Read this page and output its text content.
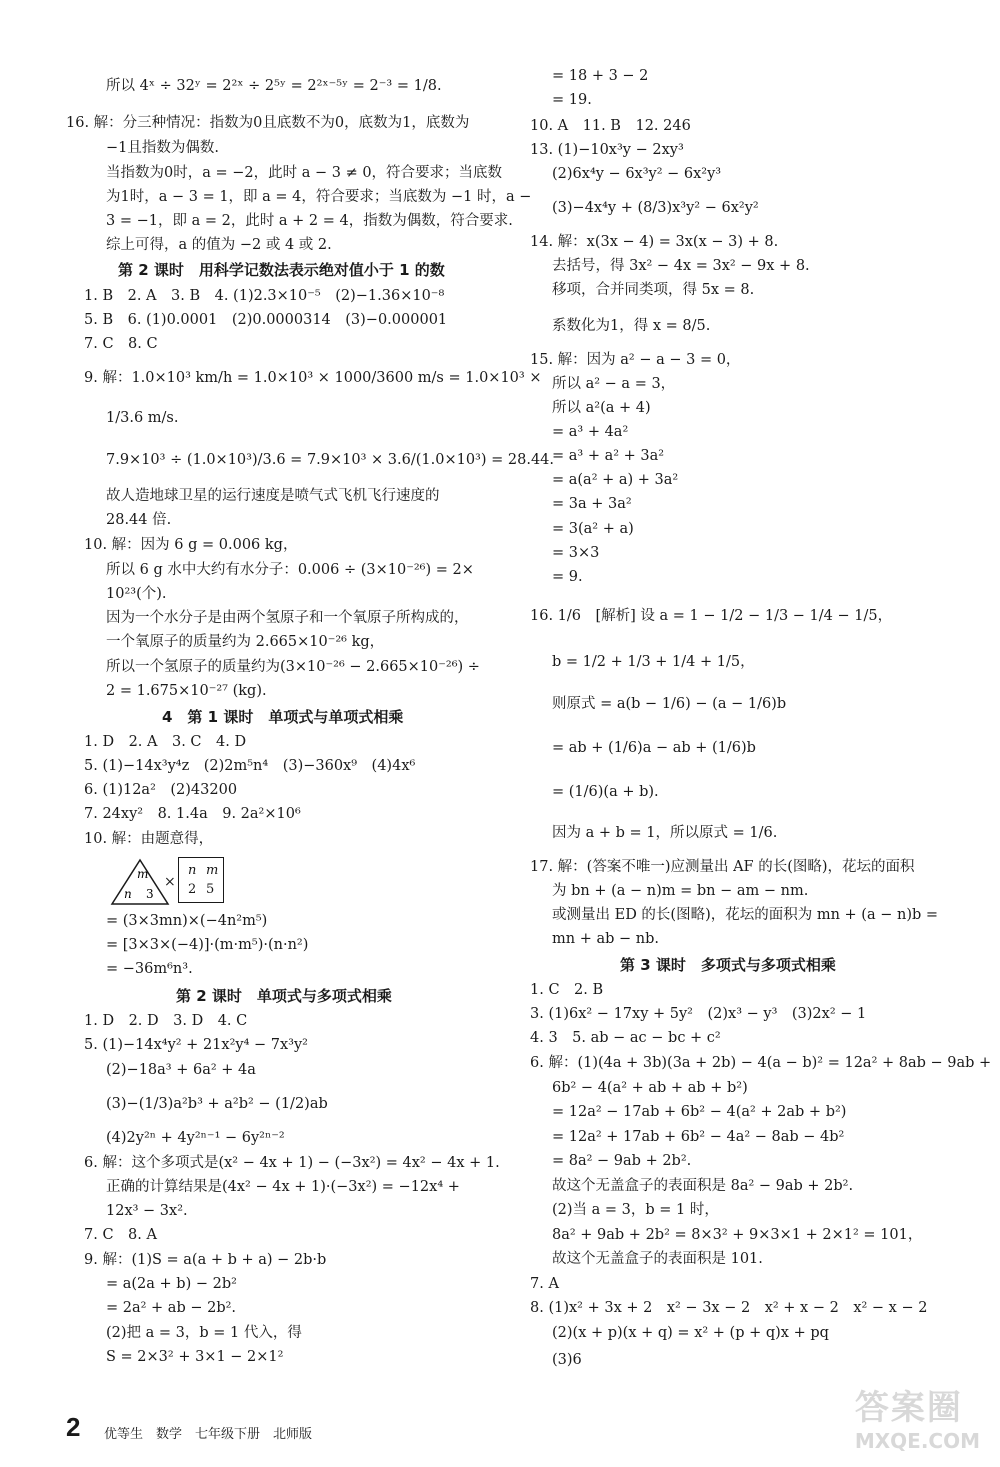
m
n 3
×
n m
2 5
2 优等生　数学　七年级下册　北师版
答案圈
MXQE.COM
所以 4ˣ ÷ 32ʸ = 2²ˣ ÷ 2⁵ʸ = 2²ˣ⁻⁵ʸ = 2⁻³ = 1/8.
16. 解：分三种情况：指数为0且底数不为0，底数为1，底数为
−1且指数为偶数.
当指数为0时，a = −2，此时 a − 3 ≠ 0，符合要求；当底数
为1时，a − 3 = 1，即 a = 4，符合要求；当底数为 −1 时，a −
3 = −1，即 a = 2，此时 a + 2 = 4，指数为偶数，符合要求.
综上可得，a 的值为 −2 或 4 或 2.
第 2 课时　用科学记数法表示绝对值小于 1 的数
1. B　2. A　3. B　4. (1)2.3×10⁻⁵　(2)−1.36×10⁻⁸
5. B　6. (1)0.0001　(2)0.0000314　(3)−0.000001
7. C　8. C
9. 解：1.0×10³ km/h = 1.0×10³ × 1000/3600 m/s = 1.0×10³ ×
1/3.6 m/s.
7.9×10³ ÷ (1.0×10³)/3.6 = 7.9×10³ × 3.6/(1.0×10³) = 28.44.
故人造地球卫星的运行速度是喷气式飞机飞行速度的
28.44 倍.
10. 解：因为 6 g = 0.006 kg，
所以 6 g 水中大约有水分子：0.006 ÷ (3×10⁻²⁶) = 2×
10²³(个).
因为一个水分子是由两个氢原子和一个氧原子所构成的，
一个氧原子的质量约为 2.665×10⁻²⁶ kg，
所以一个氢原子的质量约为(3×10⁻²⁶ − 2.665×10⁻²⁶) ÷
2 = 1.675×10⁻²⁷ (kg).
4　第 1 课时　单项式与单项式相乘
1. D　2. A　3. C　4. D
5. (1)−14x³y⁴z　(2)2m⁵n⁴　(3)−360x⁹　(4)4x⁶
6. (1)12a²　(2)43200
7. 24xy²　8. 1.4a　9. 2a²×10⁶
10. 解：由题意得，
= (3×3mn)×(−4n²m⁵)
= [3×3×(−4)]·(m·m⁵)·(n·n²)
= −36m⁶n³.
第 2 课时　单项式与多项式相乘
1. D　2. D　3. D　4. C
5. (1)−14x⁴y² + 21x²y⁴ − 7x³y²
(2)−18a³ + 6a² + 4a
(3)−(1/3)a²b³ + a²b² − (1/2)ab
(4)2y²ⁿ + 4y²ⁿ⁻¹ − 6y²ⁿ⁻²
6. 解：这个多项式是(x² − 4x + 1) − (−3x²) = 4x² − 4x + 1.
正确的计算结果是(4x² − 4x + 1)·(−3x²) = −12x⁴ +
12x³ − 3x².
7. C　8. A
9. 解：(1)S = a(a + b + a) − 2b·b
= a(2a + b) − 2b²
= 2a² + ab − 2b².
(2)把 a = 3，b = 1 代入，得
S = 2×3² + 3×1 − 2×1²
= 18 + 3 − 2
= 19.
10. A　11. B　12. 246
13. (1)−10x³y − 2xy³
(2)6x⁴y − 6x³y² − 6x²y³
(3)−4x⁴y + (8/3)x³y² − 6x²y²
14. 解：x(3x − 4) = 3x(x − 3) + 8.
去括号，得 3x² − 4x = 3x² − 9x + 8.
移项，合并同类项，得 5x = 8.
系数化为1，得 x = 8/5.
15. 解：因为 a² − a − 3 = 0，
所以 a² − a = 3，
所以 a²(a + 4)
= a³ + 4a²
= a³ + a² + 3a²
= a(a² + a) + 3a²
= 3a + 3a²
= 3(a² + a)
= 3×3
= 9.
16. 1/6　[解析] 设 a = 1 − 1/2 − 1/3 − 1/4 − 1/5，
b = 1/2 + 1/3 + 1/4 + 1/5，
则原式 = a(b − 1/6) − (a − 1/6)b
= ab + (1/6)a − ab + (1/6)b
= (1/6)(a + b).
因为 a + b = 1，所以原式 = 1/6.
17. 解：(答案不唯一)应测量出 AF 的长(图略)，花坛的面积
为 bn + (a − n)m = bn − am − nm.
或测量出 ED 的长(图略)，花坛的面积为 mn + (a − n)b =
mn + ab − nb.
第 3 课时　多项式与多项式相乘
1. C　2. B
3. (1)6x² − 17xy + 5y²　(2)x³ − y³　(3)2x² − 1
4. 3　5. ab − ac − bc + c²
6. 解：(1)(4a + 3b)(3a + 2b) − 4(a − b)² = 12a² + 8ab − 9ab +
6b² − 4(a² + ab + ab + b²)
= 12a² − 17ab + 6b² − 4(a² + 2ab + b²)
= 12a² + 17ab + 6b² − 4a² − 8ab − 4b²
= 8a² − 9ab + 2b².
故这个无盖盒子的表面积是 8a² − 9ab + 2b².
(2)当 a = 3，b = 1 时，
8a² + 9ab + 2b² = 8×3² + 9×3×1 + 2×1² = 101，
故这个无盖盒子的表面积是 101.
7. A
8. (1)x² + 3x + 2　x² − 3x − 2　x² + x − 2　x² − x − 2
(2)(x + p)(x + q) = x² + (p + q)x + pq
(3)6
